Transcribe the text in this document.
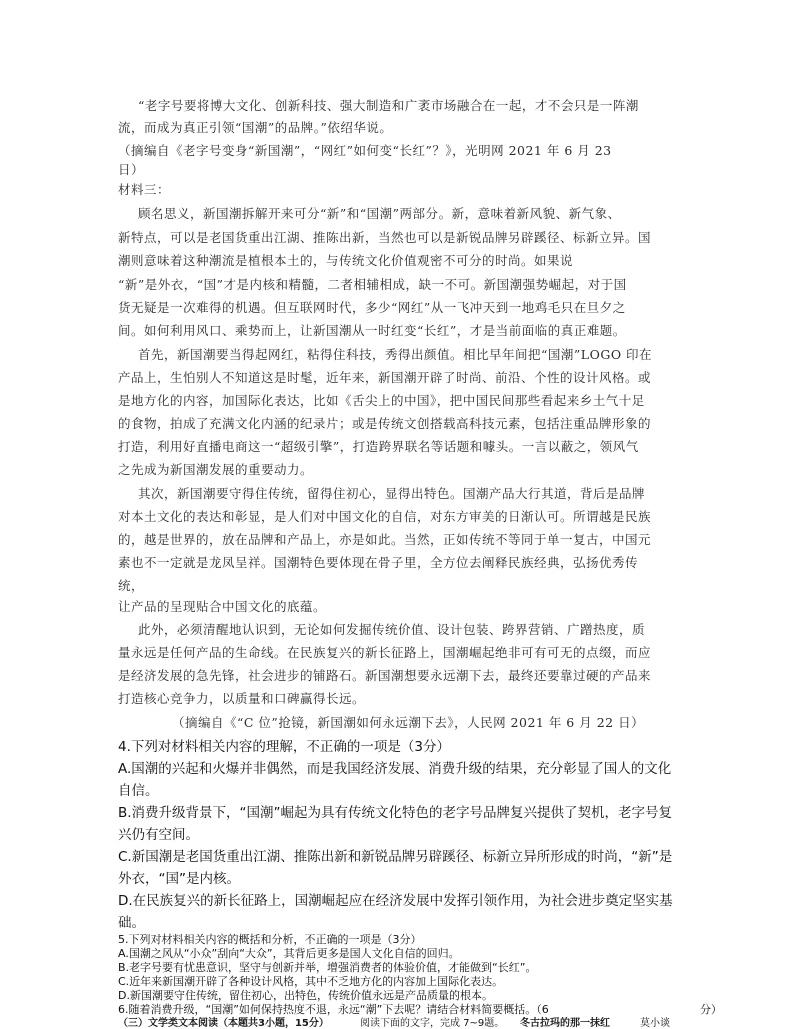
“老字号要将博大文化、创新科技、强大制造和广袤市场融合在一起，才不会只是一阵潮
流，而成为真正引领“国潮”的品牌。”依绍华说。
（摘编自《老字号变身“新国潮”，“网红”如何变“长红”？》，光明网 2021 年 6 月 23
日）
材料三：
顾名思义，新国潮拆解开来可分“新”和“国潮”两部分。新，意味着新风貌、新气象、
新特点，可以是老国货重出江湖、推陈出新，当然也可以是新锐品牌另辟蹊径、标新立异。国
潮则意味着这种潮流是植根本土的，与传统文化价值观密不可分的时尚。如果说
“新”是外衣，“国”才是内核和精髓，二者相辅相成，缺一不可。新国潮强势崛起，对于国
货无疑是一次难得的机遇。但互联网时代，多少“网红”从一飞冲天到一地鸡毛只在旦夕之
间。如何利用风口、乘势而上，让新国潮从一时红变“长红”，才是当前面临的真正难题。
首先，新国潮要当得起网红，粘得住科技，秀得出颜值。相比早年间把“国潮”LOGO 印在
产品上，生怕别人不知道这是时髦，近年来，新国潮开辟了时尚、前沿、个性的设计风格。或
是地方化的内容，加国际化表达，比如《舌尖上的中国》，把中国民间那些看起来乡土气十足
的食物，拍成了充满文化内涵的纪录片；或是传统文创搭载高科技元素，包括注重品牌形象的
打造，利用好直播电商这一“超级引擎”，打造跨界联名等话题和噱头。一言以蔽之，领风气
之先成为新国潮发展的重要动力。
其次，新国潮要守得住传统，留得住初心，显得出特色。国潮产品大行其道，背后是品牌
对本土文化的表达和彰显，是人们对中国文化的自信，对东方审美的日渐认可。所谓越是民族
的，越是世界的，放在品牌和产品上，亦是如此。当然，正如传统不等同于单一复古，中国元
素也不一定就是龙凤呈祥。国潮特色要体现在骨子里，全方位去阐释民族经典，弘扬优秀传
统，
让产品的呈现贴合中国文化的底蕴。
此外，必须清醒地认识到，无论如何发掘传统价值、设计包装、跨界营销、广蹭热度，质
量永远是任何产品的生命线。在民族复兴的新长征路上，国潮崛起绝非可有可无的点缀，而应
是经济发展的急先锋，社会进步的铺路石。新国潮想要永远潮下去，最终还要靠过硬的产品来
打造核心竞争力，以质量和口碑赢得长远。
（摘编自《“C 位”抢镜，新国潮如何永远潮下去》，人民网 2021 年 6 月 22 日）
4.下列对材料相关内容的理解，不正确的一项是（3分）
A.国潮的兴起和火爆并非偶然，而是我国经济发展、消费升级的结果，充分彰显了国人的文化
自信。
B.消费升级背景下，“国潮”崛起为具有传统文化特色的老字号品牌复兴提供了契机，老字号复
兴仍有空间。
C.新国潮是老国货重出江湖、推陈出新和新锐品牌另辟蹊径、标新立异所形成的时尚，“新”是
外衣，“国”是内核。
D.在民族复兴的新长征路上，国潮崛起应在经济发展中发挥引领作用，为社会进步奠定坚实基
础。
5.下列对材料相关内容的概括和分析，不正确的一项是（3分）
A.国潮之风从“小众”刮向“大众”，其背后更多是国人文化自信的回归。
B.老字号要有忧患意识，坚守与创新并举，增强消费者的体验价值，才能做到“长红”。
C.近年来新国潮开辟了各种设计风格，其中不乏地方化的内容加上国际化表达。
D.新国潮要守住传统，留住初心，出特色，传统价值永远是产品质量的根本。
6.随着消费升级，“国潮”如何保持热度不退，永远“潮”下去呢？请结合材料简要概括。（6	分）
（三）文学类文本阅读（本题共3小题，15分）	阅读下面的文字，完成 7~9题。 冬古拉玛的那一抹红	莫小谈
